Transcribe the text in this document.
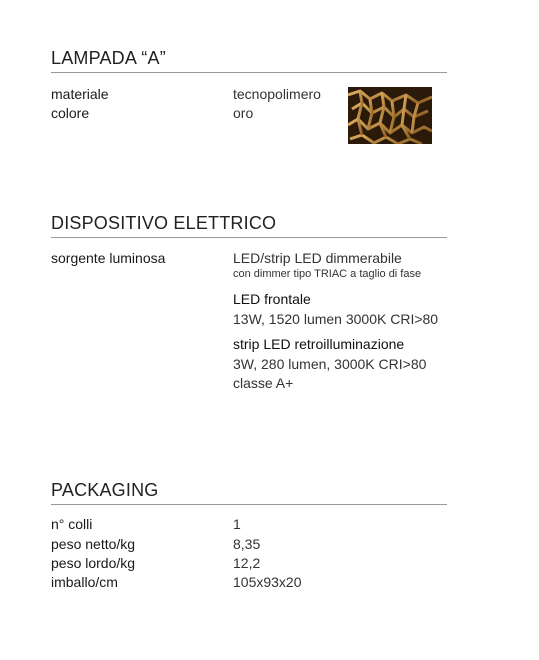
LAMPADA “A”
materiale	tecnopolimero
colore	oro
DISPOSITIVO ELETTRICO
sorgente luminosa	LED/strip LED dimmerabile
con dimmer tipo TRIAC a taglio di fase
LED frontale
13W, 1520 lumen 3000K CRI>80
strip LED retroilluminazione
3W, 280 lumen, 3000K CRI>80
classe A+
PACKAGING
n° colli	1
peso netto/kg	8,35
peso lordo/kg	12,2
imballo/cm	105x93x20
